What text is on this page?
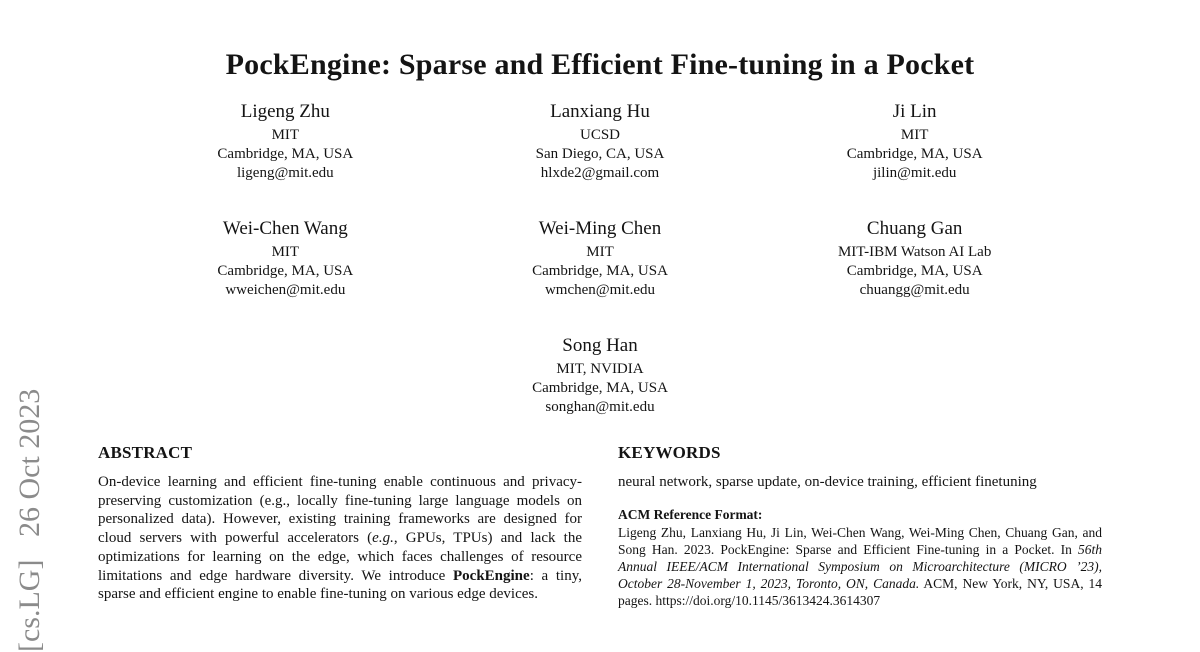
[cs.LG]   26 Oct 2023
PockEngine: Sparse and Efficient Fine-tuning in a Pocket
Ligeng Zhu
MIT
Cambridge, MA, USA
ligeng@mit.edu
Lanxiang Hu
UCSD
San Diego, CA, USA
hlxde2@gmail.com
Ji Lin
MIT
Cambridge, MA, USA
jilin@mit.edu
Wei-Chen Wang
MIT
Cambridge, MA, USA
wweichen@mit.edu
Wei-Ming Chen
MIT
Cambridge, MA, USA
wmchen@mit.edu
Chuang Gan
MIT-IBM Watson AI Lab
Cambridge, MA, USA
chuangg@mit.edu
Song Han
MIT, NVIDIA
Cambridge, MA, USA
songhan@mit.edu
ABSTRACT
On-device learning and efficient fine-tuning enable continuous and privacy-preserving customization (e.g., locally fine-tuning large language models on personalized data). However, existing training frameworks are designed for cloud servers with powerful accelerators (e.g., GPUs, TPUs) and lack the optimizations for learning on the edge, which faces challenges of resource limitations and edge hardware diversity. We introduce PockEngine: a tiny, sparse and efficient engine to enable fine-tuning on various edge devices.
KEYWORDS
neural network, sparse update, on-device training, efficient finetuning
ACM Reference Format:
Ligeng Zhu, Lanxiang Hu, Ji Lin, Wei-Chen Wang, Wei-Ming Chen, Chuang Gan, and Song Han. 2023. PockEngine: Sparse and Efficient Fine-tuning in a Pocket. In 56th Annual IEEE/ACM International Symposium on Microarchitecture (MICRO ’23), October 28-November 1, 2023, Toronto, ON, Canada. ACM, New York, NY, USA, 14 pages. https://doi.org/10.1145/3613424.3614307
